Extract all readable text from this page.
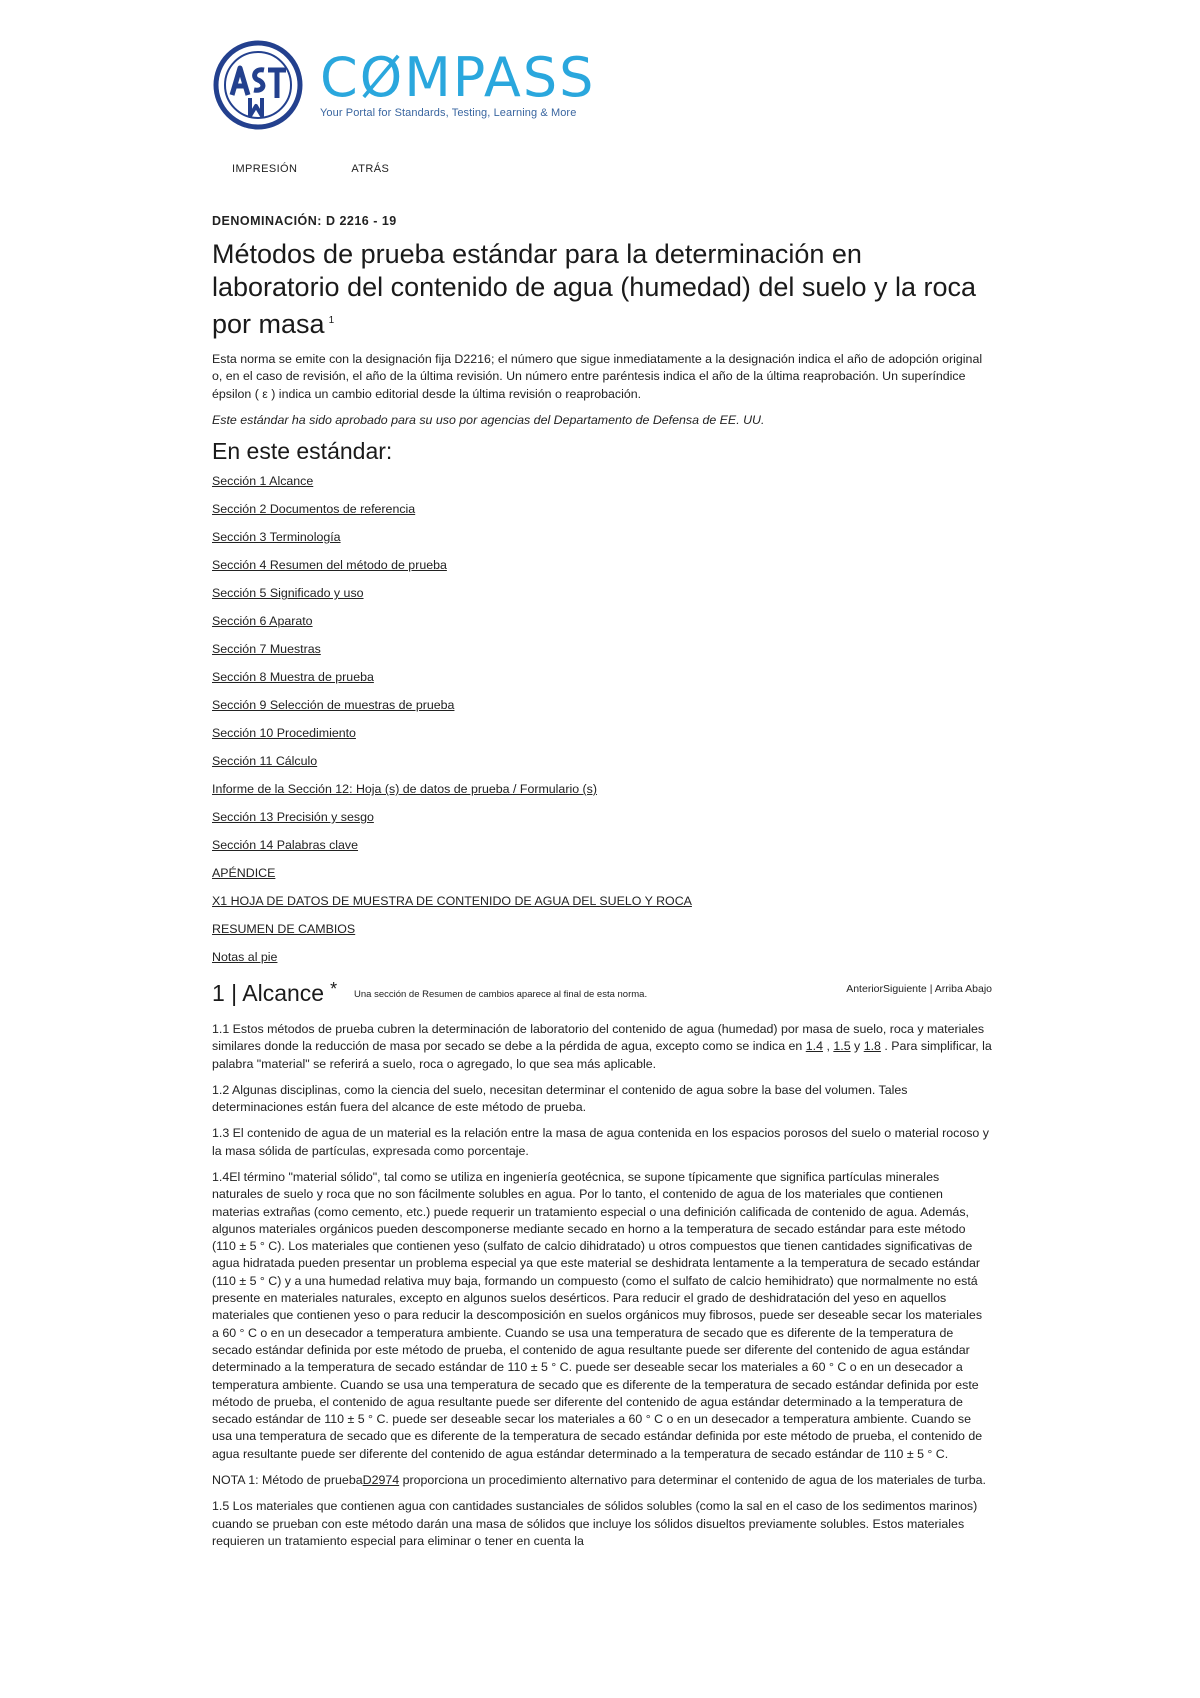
CØMPASS
Your Portal for Standards, Testing, Learning & More
IMPRESIÓN	ATRÁS
DENOMINACIÓN: D 2216 - 19
Métodos de prueba estándar para la determinación en laboratorio del contenido de agua (humedad) del suelo y la roca por masa $^1$

Esta norma se emite con la designación fija D2216; el número que sigue inmediatamente a la designación indica el año de adopción original o, en el caso de revisión, el año de la última revisión. Un número entre paréntesis indica el año de la última reaprobación. Un superíndice épsilon ( ε ) indica un cambio editorial desde la última revisión o reaprobación.

Este estándar ha sido aprobado para su uso por agencias del Departamento de Defensa de EE. UU.

En este estándar:
Sección 1 Alcance
Sección 2 Documentos de referencia
Sección 3 Terminología
Sección 4 Resumen del método de prueba
Sección 5 Significado y uso
Sección 6 Aparato
Sección 7 Muestras
Sección 8 Muestra de prueba
Sección 9 Selección de muestras de prueba
Sección 10 Procedimiento
Sección 11 Cálculo
Informe de la Sección 12: Hoja (s) de datos de prueba / Formulario (s)
Sección 13 Precisión y sesgo
Sección 14 Palabras clave
APÉNDICE
X1 HOJA DE DATOS DE MUESTRA DE CONTENIDO DE AGUA DEL SUELO Y ROCA
RESUMEN DE CAMBIOS
Notas al pie
1 | Alcance * Una sección de Resumen de cambios aparece al final de esta norma.	AnteriorSiguiente | Arriba Abajo

1.1 Estos métodos de prueba cubren la determinación de laboratorio del contenido de agua (humedad) por masa de suelo, roca y materiales similares donde la reducción de masa por secado se debe a la pérdida de agua, excepto como se indica en 1.4 , 1.5 y 1.8 . Para simplificar, la palabra "material" se referirá a suelo, roca o agregado, lo que sea más aplicable.

1.2 Algunas disciplinas, como la ciencia del suelo, necesitan determinar el contenido de agua sobre la base del volumen. Tales determinaciones están fuera del alcance de este método de prueba.

1.3 El contenido de agua de un material es la relación entre la masa de agua contenida en los espacios porosos del suelo o material rocoso y la masa sólida de partículas, expresada como porcentaje.

1.4El término "material sólido", tal como se utiliza en ingeniería geotécnica, se supone típicamente que significa partículas minerales naturales de suelo y roca que no son fácilmente solubles en agua. Por lo tanto, el contenido de agua de los materiales que contienen materias extrañas (como cemento, etc.) puede requerir un tratamiento especial o una definición calificada de contenido de agua. Además, algunos materiales orgánicos pueden descomponerse mediante secado en horno a la temperatura de secado estándar para este método (110 ± 5 ° C). Los materiales que contienen yeso (sulfato de calcio dihidratado) u otros compuestos que tienen cantidades significativas de agua hidratada pueden presentar un problema especial ya que este material se deshidrata lentamente a la temperatura de secado estándar (110 ± 5 ° C) y a una humedad relativa muy baja, formando un compuesto (como el sulfato de calcio hemihidrato) que normalmente no está presente en materiales naturales, excepto en algunos suelos desérticos. Para reducir el grado de deshidratación del yeso en aquellos materiales que contienen yeso o para reducir la descomposición en suelos orgánicos muy fibrosos, puede ser deseable secar los materiales a 60 ° C o en un desecador a temperatura ambiente. Cuando se usa una temperatura de secado que es diferente de la temperatura de secado estándar definida por este método de prueba, el contenido de agua resultante puede ser diferente del contenido de agua estándar determinado a la temperatura de secado estándar de 110 ± 5 ° C. puede ser deseable secar los materiales a 60 ° C o en un desecador a temperatura ambiente. Cuando se usa una temperatura de secado que es diferente de la temperatura de secado estándar definida por este método de prueba, el contenido de agua resultante puede ser diferente del contenido de agua estándar determinado a la temperatura de secado estándar de 110 ± 5 ° C. puede ser deseable secar los materiales a 60 ° C o en un desecador a temperatura ambiente. Cuando se usa una temperatura de secado que es diferente de la temperatura de secado estándar definida por este método de prueba, el contenido de agua resultante puede ser diferente del contenido de agua estándar determinado a la temperatura de secado estándar de 110 ± 5 ° C.

NOTA 1: Método de pruebaD2974 proporciona un procedimiento alternativo para determinar el contenido de agua de los materiales de turba.

1.5 Los materiales que contienen agua con cantidades sustanciales de sólidos solubles (como la sal en el caso de los sedimentos marinos) cuando se prueban con este método darán una masa de sólidos que incluye los sólidos disueltos previamente solubles. Estos materiales requieren un tratamiento especial para eliminar o tener en cuenta la
